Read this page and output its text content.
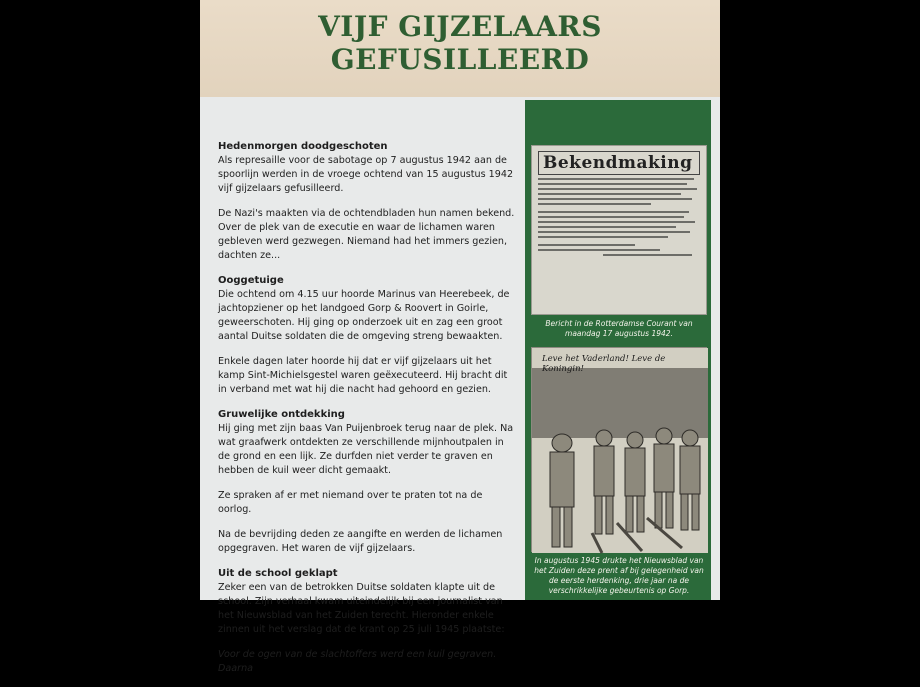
VIJF GIJZELAARS GEFUSILLEERD
Hedenmorgen doodgeschoten
Als represaille voor de sabotage op 7 augustus 1942 aan de spoorlijn werden in de vroege ochtend van 15 augustus 1942 vijf gijzelaars gefusilleerd.
De Nazi's maakten via de ochtendbladen hun namen bekend. Over de plek van de executie en waar de lichamen waren gebleven werd gezwegen. Niemand had het immers gezien, dachten ze...
Ooggetuige
Die ochtend om 4.15 uur hoorde Marinus van Heerebeek, de jachtopziener op het landgoed Gorp & Roovert in Goirle, geweerschoten. Hij ging op onderzoek uit en zag een groot aantal Duitse soldaten die de omgeving streng bewaakten.
Enkele dagen later hoorde hij dat er vijf gijzelaars uit het kamp Sint-Michielsgestel waren geëxecuteerd. Hij bracht dit in verband met wat hij die nacht had gehoord en gezien.
Gruwelijke ontdekking
Hij ging met zijn baas Van Puijenbroek terug naar de plek. Na wat graafwerk ontdekten ze verschillende mijnhoutpalen in de grond en een lijk. Ze durfden niet verder te graven en hebben de kuil weer dicht gemaakt.
Ze spraken af er met niemand over te praten tot na de oorlog.
Na de bevrijding deden ze aangifte en werden de lichamen opgegraven. Het waren de vijf gijzelaars.
Uit de school geklapt
Zeker een van de betrokken Duitse soldaten klapte uit de school. Zijn verhaal kwam uiteindelijk bij een journalist van het Nieuwsblad van het Zuiden terecht. Hieronder enkele zinnen uit het verslag dat de krant op 25 juli 1945 plaatste:
Voor de ogen van de slachtoffers werd een kuil gegraven. Daarna
Bekendmaking
Bericht in de Rotterdamse Courant van maandag 17 augustus 1942.
Leve het Vaderland! Leve de Koningin!
In augustus 1945 drukte het Nieuwsblad van het Zuiden deze prent af bij gelegenheid van de eerste herdenking, drie jaar na de verschrikkelijke gebeurtenis op Gorp.
